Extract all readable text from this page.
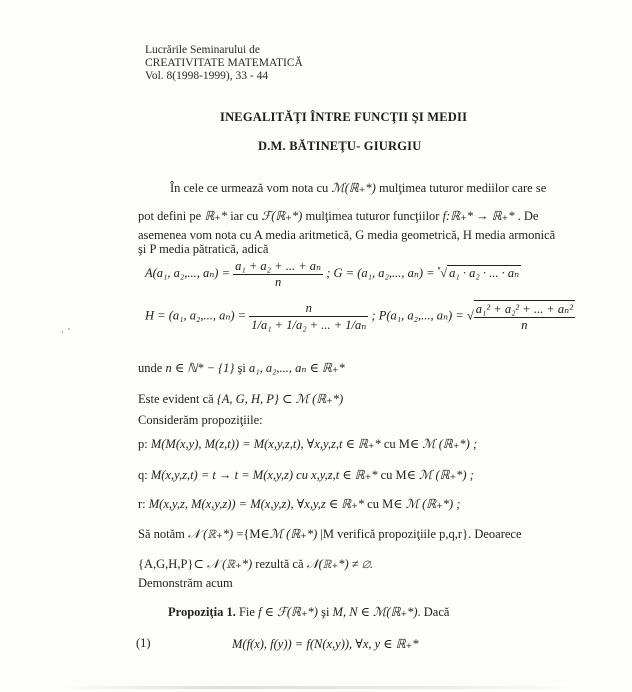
Lucrările Seminarului de
CREATIVITATE MATEMATICĂ
Vol. 8(1998-1999), 33 - 44
INEGALITĂŢI ÎNTRE FUNCŢII ŞI MEDII
D.M. BĂTINEŢU- GIURGIU
În cele ce urmează vom nota cu ℳ(ℝ₊*) mulţimea tuturor mediilor care se
pot defini pe ℝ₊* iar cu ℱ(ℝ₊*) mulţimea tuturor funcţiilor f:ℝ₊* → ℝ₊* . De
asemenea vom nota cu A media aritmetică, G media geometrică, H media armonică
şi P media pătratică, adică
A(a₁, a₂,..., $a_n) = \frac{\text{a₁ + a₂ + ... + aₙ}}{n}$ ; G = (a₁, a₂,..., aₙ) = $^{^n}$√ a₁ · a₂ · ... · aₙ
H = (a₁, a₂,..., $a_n) = \frac{n}{\text{1/a₁ + 1/a₂ + ... + 1/aₙ}}$ ; P(a₁, a₂,..., aₙ) = √ $\frac{\text{a₁² + a₂² + ... + aₙ²}}{n}$
unde n ∈ ℕ* − {1} şi a₁, a₂,..., aₙ ∈ ℝ₊*
Este evident că {A, G, H, P} ⊂ ℳ (ℝ₊*)
Considerăm propoziţiile:
p: M(M(x,y), M(z,t)) = M(x,y,z,t), ∀x,y,z,t ∈ ℝ₊* cu M∈ ℳ (ℝ₊*) ;
q: M(x,y,z,t) = t → t = M(x,y,z) cu x,y,z,t ∈ ℝ₊* cu M∈ ℳ (ℝ₊*) ;
r: M(x,y,z, M(x,y,z)) = M(x,y,z), ∀x,y,z ∈ ℝ₊* cu M∈ ℳ (ℝ₊*) ;
Să notăm 𝒩 (ℝ₊*) ={M∈ℳ (ℝ₊*) |M verifică propoziţiile p,q,r}. Deoarece
{A,G,H,P}⊂ 𝒩 (ℝ₊*) rezultă că 𝒩(ℝ₊*) ≠ ∅.
Demonstrăm acum
Propoziţia 1. Fie f ∈ ℱ(ℝ₊*) şi M, N ∈ ℳ(ℝ₊*). Dacă
(1)	M(f(x), f(y)) = f(N(x,y)), ∀x, y ∈ ℝ₊*
